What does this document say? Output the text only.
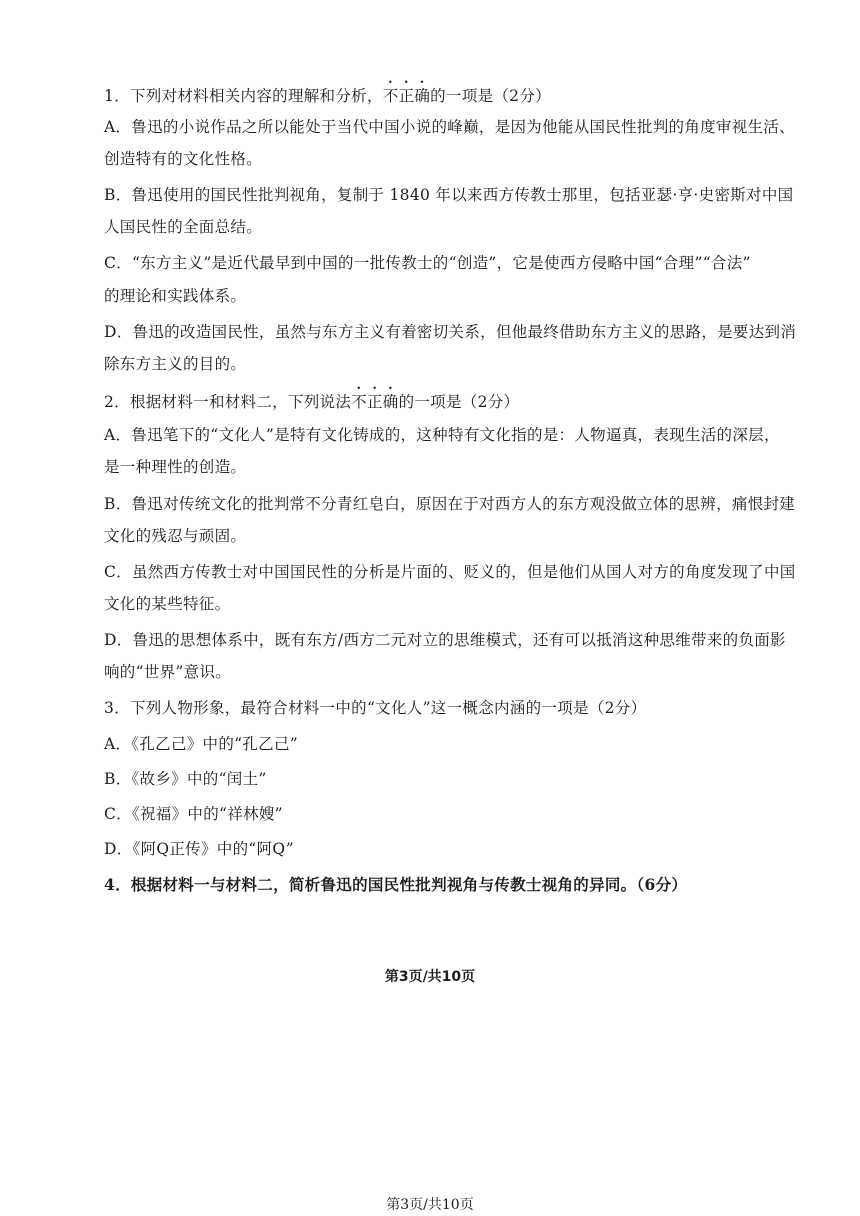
1．下列对材料相关内容的理解和分析，不正确的一项是（2分）
A．鲁迅的小说作品之所以能处于当代中国小说的峰巅，是因为他能从国民性批判的角度审视生活、
创造特有的文化性格。
B．鲁迅使用的国民性批判视角，复制于 1840 年以来西方传教士那里，包括亚瑟·亨·史密斯对中国
人国民性的全面总结。
C．“东方主义”是近代最早到中国的一批传教士的“创造”，它是使西方侵略中国“合理”“合法”
的理论和实践体系。
D．鲁迅的改造国民性，虽然与东方主义有着密切关系，但他最终借助东方主义的思路，是要达到消
除东方主义的目的。
2．根据材料一和材料二，下列说法不正确的一项是（2分）
A．鲁迅笔下的“文化人”是特有文化铸成的，这种特有文化指的是：人物逼真，表现生活的深层，
是一种理性的创造。
B．鲁迅对传统文化的批判常不分青红皂白，原因在于对西方人的东方观没做立体的思辨，痛恨封建
文化的残忍与顽固。
C．虽然西方传教士对中国国民性的分析是片面的、贬义的，但是他们从国人对方的角度发现了中国
文化的某些特征。
D．鲁迅的思想体系中，既有东方/西方二元对立的思维模式，还有可以抵消这种思维带来的负面影
响的“世界”意识。
3．下列人物形象，最符合材料一中的“文化人”这一概念内涵的一项是（2分）
A．《孔乙己》中的“孔乙己”
B．《故乡》中的“闰土”
C．《祝福》中的“祥林嫂”
D．《阿Q正传》中的“阿Q”
4．根据材料一与材料二，简析鲁迅的国民性批判视角与传教士视角的异同。（6分）
第3页/共10页
第3页/共10页
